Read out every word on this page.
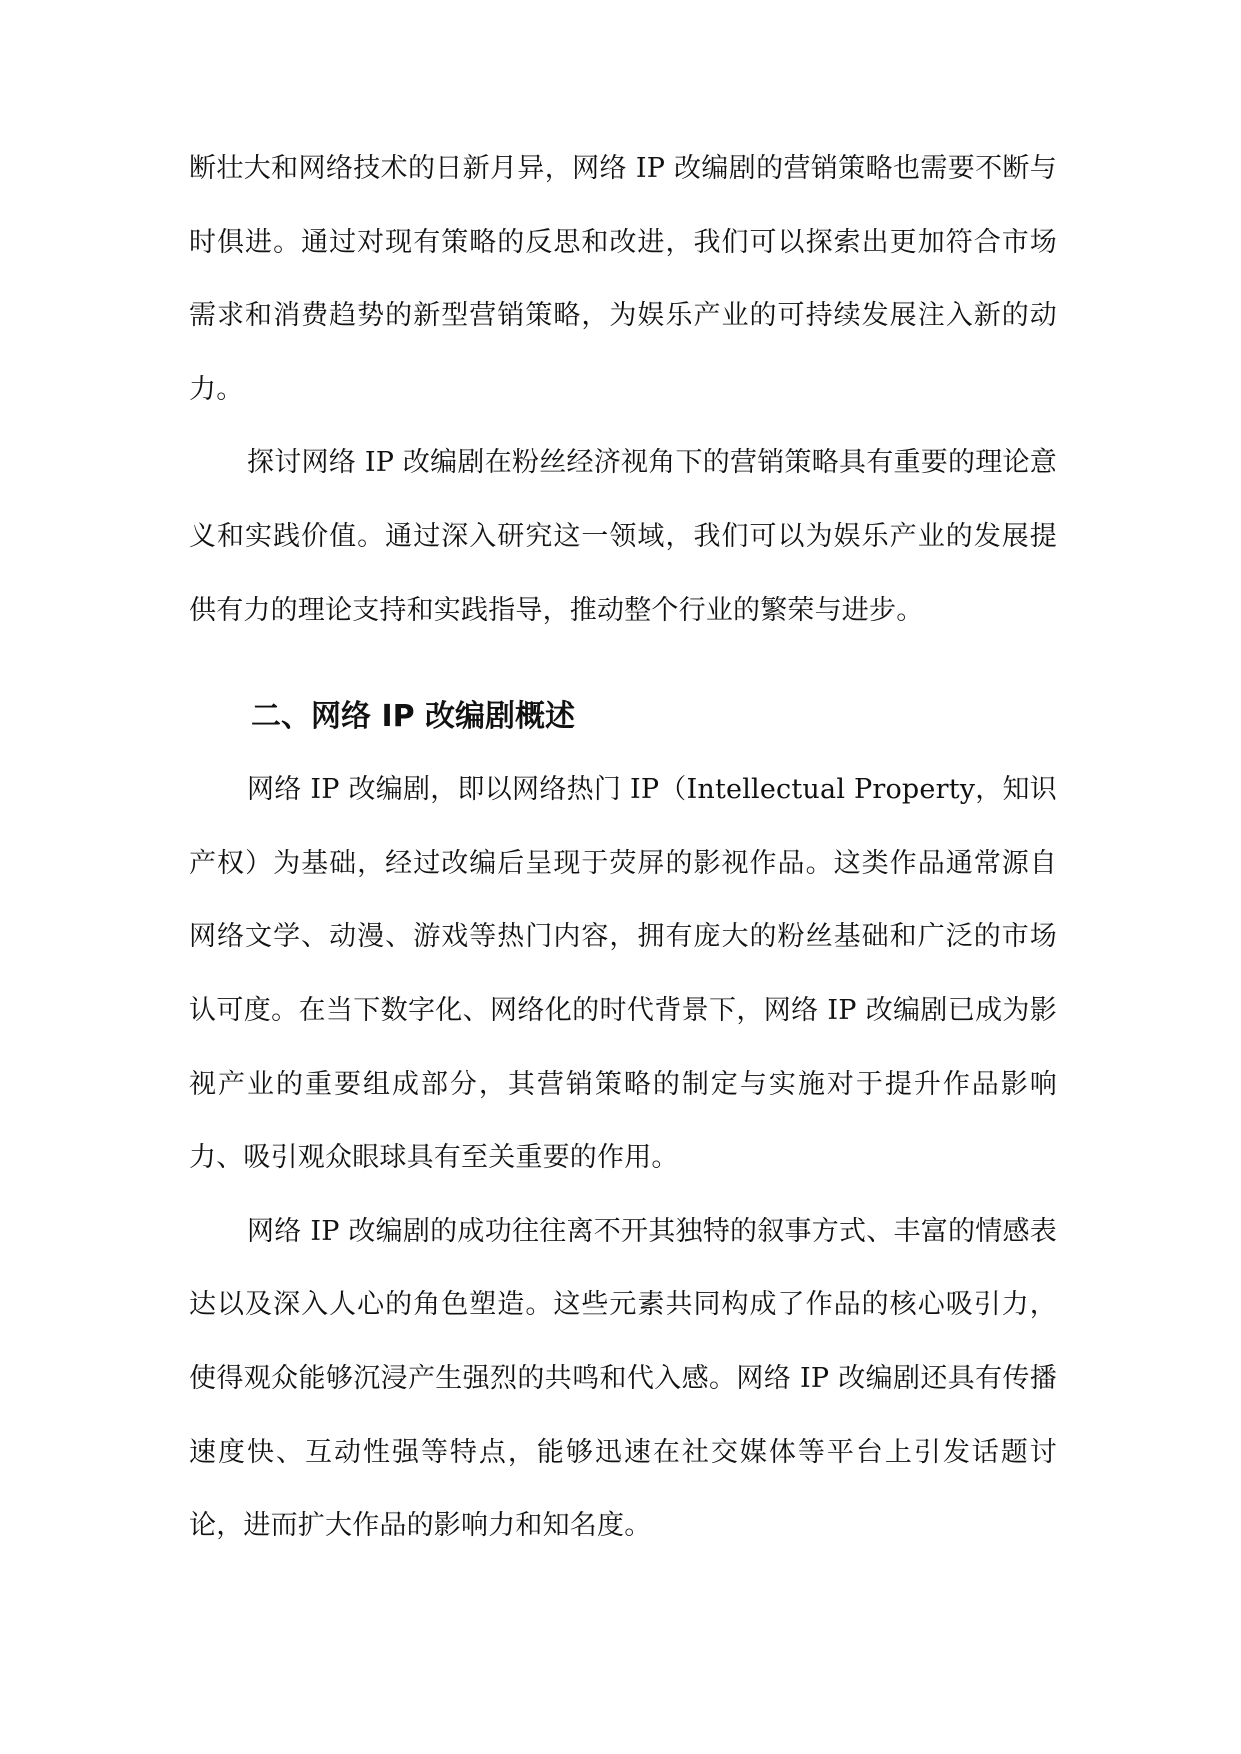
断壮大和网络技术的日新月异，网络 IP 改编剧的营销策略也需要不断与时俱进。通过对现有策略的反思和改进，我们可以探索出更加符合市场需求和消费趋势的新型营销策略，为娱乐产业的可持续发展注入新的动力。

探讨网络 IP 改编剧在粉丝经济视角下的营销策略具有重要的理论意义和实践价值。通过深入研究这一领域，我们可以为娱乐产业的发展提供有力的理论支持和实践指导，推动整个行业的繁荣与进步。

二、网络 IP 改编剧概述

网络 IP 改编剧，即以网络热门 IP（Intellectual Property，知识产权）为基础，经过改编后呈现于荧屏的影视作品。这类作品通常源自网络文学、动漫、游戏等热门内容，拥有庞大的粉丝基础和广泛的市场认可度。在当下数字化、网络化的时代背景下，网络 IP 改编剧已成为影视产业的重要组成部分，其营销策略的制定与实施对于提升作品影响力、吸引观众眼球具有至关重要的作用。

网络 IP 改编剧的成功往往离不开其独特的叙事方式、丰富的情感表达以及深入人心的角色塑造。这些元素共同构成了作品的核心吸引力，使得观众能够沉浸产生强烈的共鸣和代入感。网络 IP 改编剧还具有传播速度快、互动性强等特点，能够迅速在社交媒体等平台上引发话题讨论，进而扩大作品的影响力和知名度。
